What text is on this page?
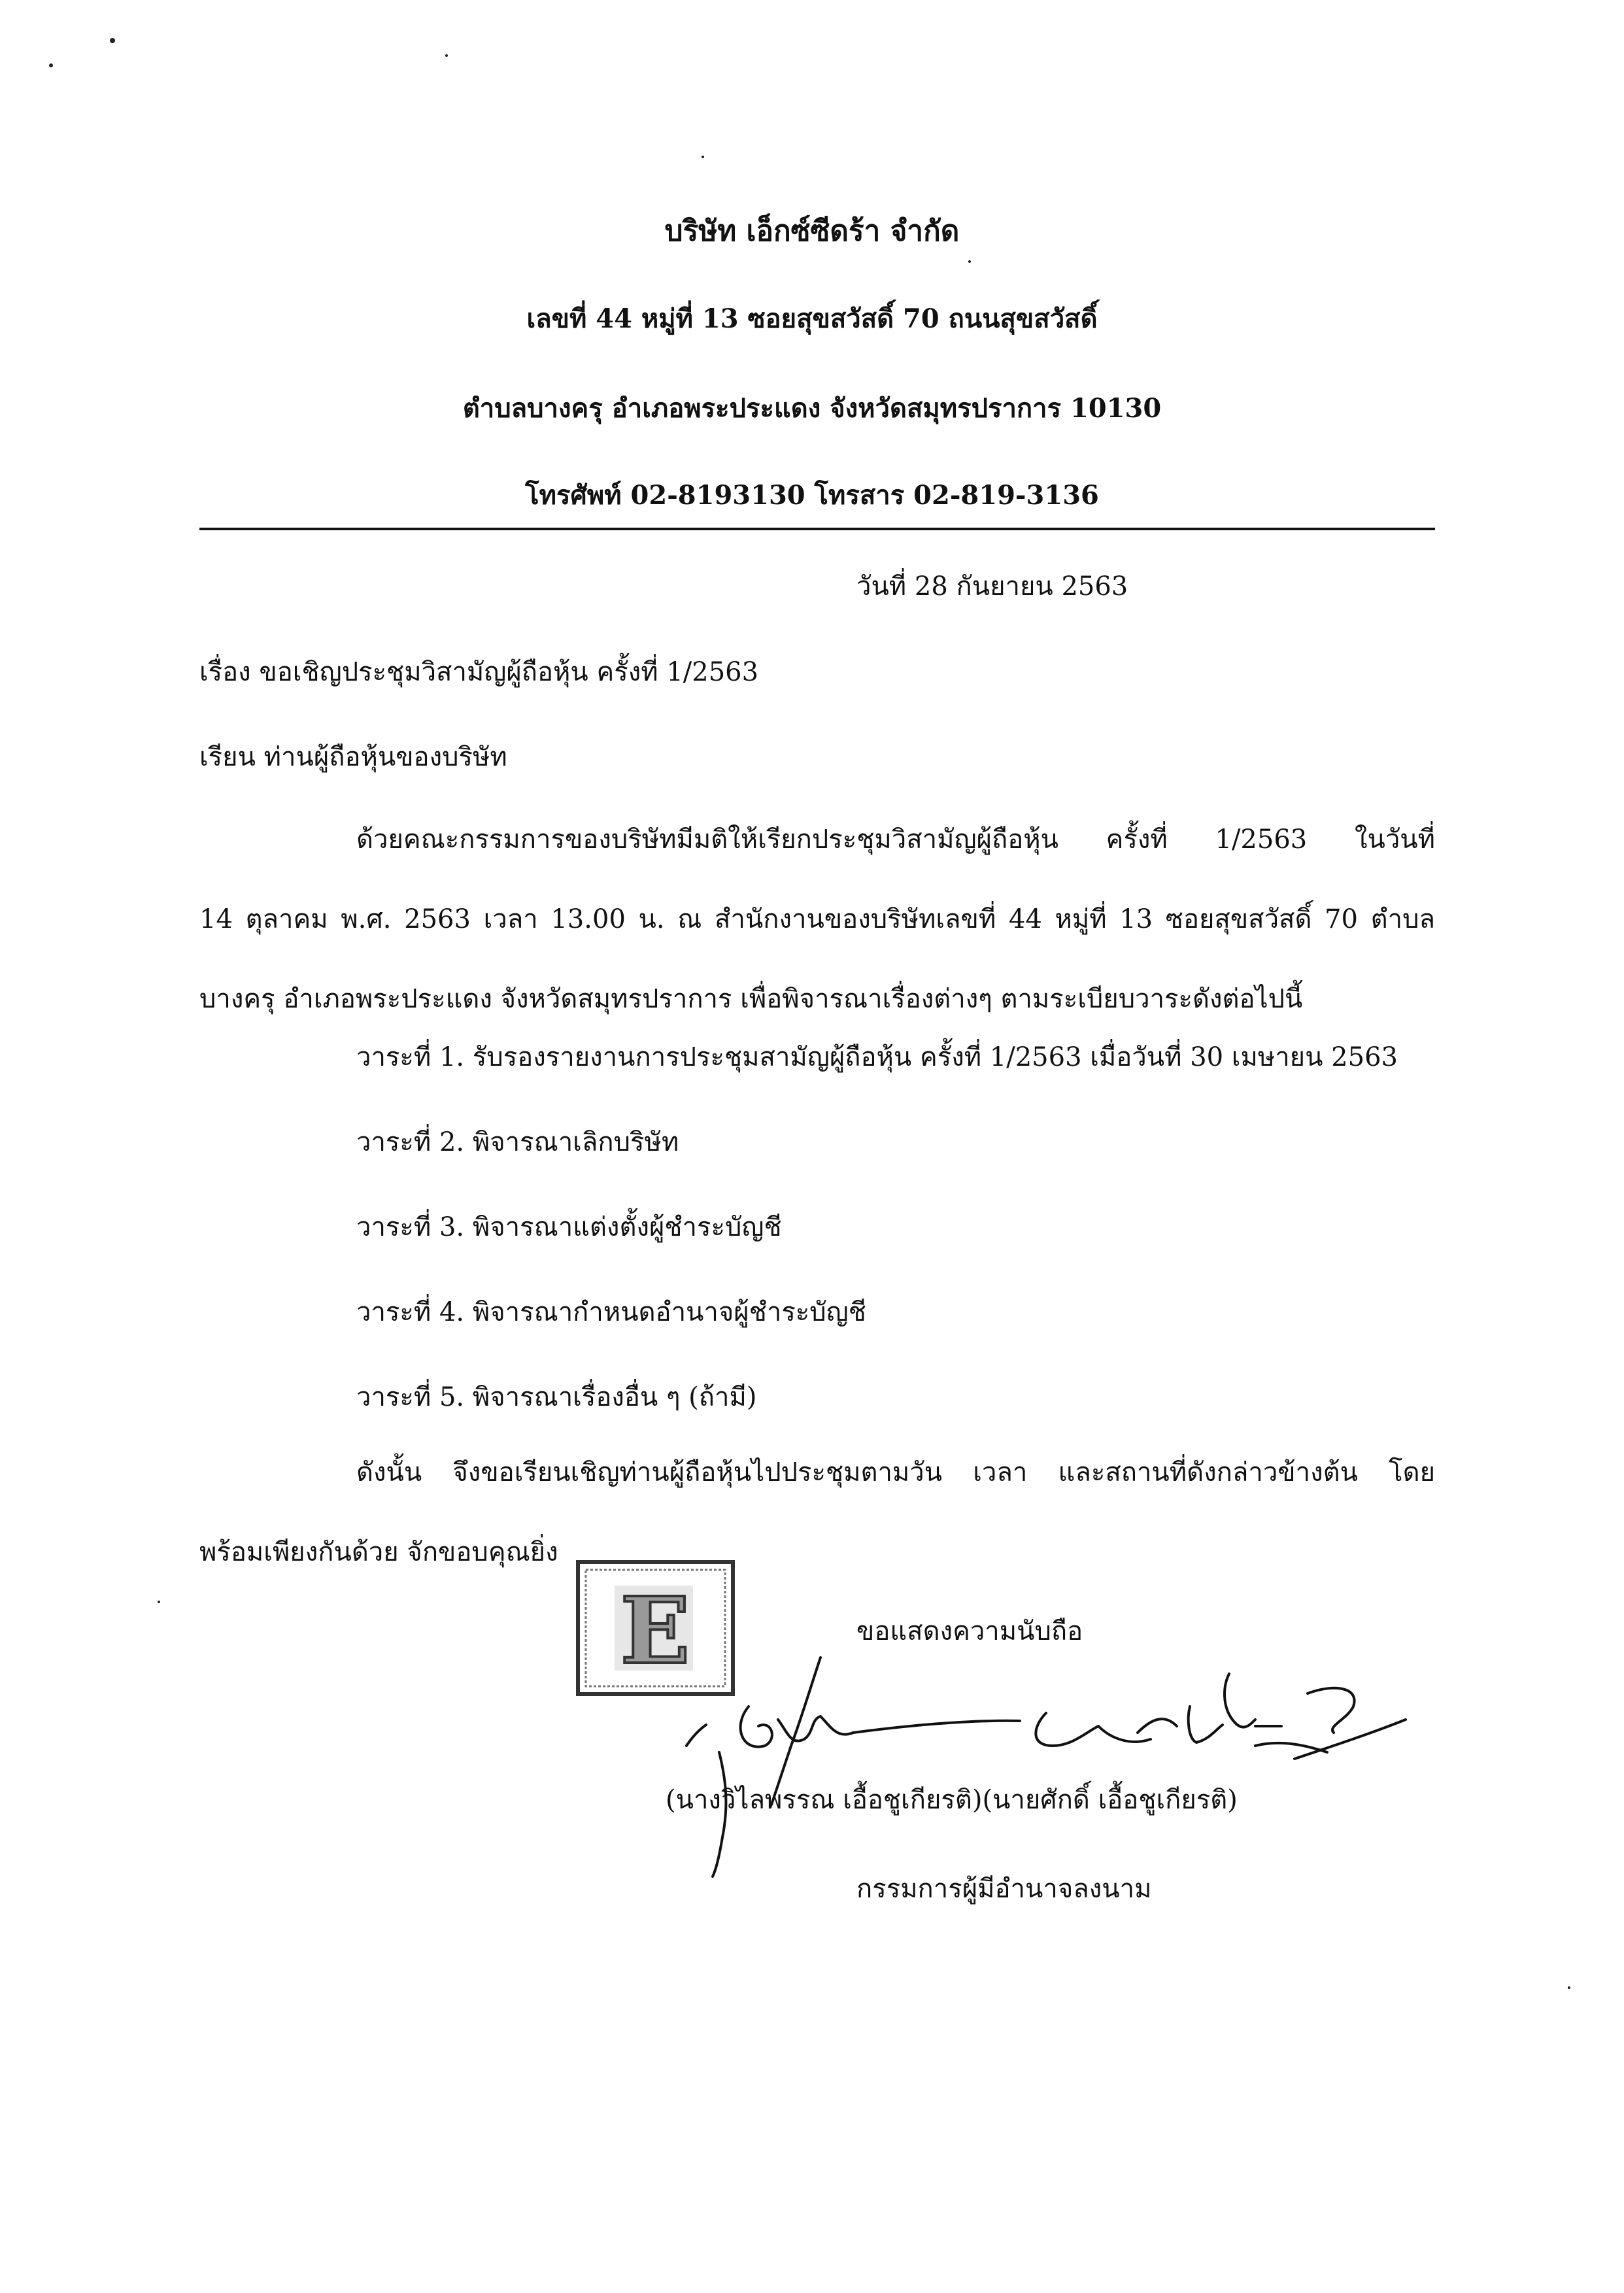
บริษัท เอ็กซ์ซีดร้า จำกัด
เลขที่ 44 หมู่ที่ 13 ซอยสุขสวัสดิ์ 70 ถนนสุขสวัสดิ์
ตำบลบางครุ อำเภอพระประแดง จังหวัดสมุทรปราการ 10130
โทรศัพท์ 02-8193130 โทรสาร 02-819-3136
วันที่ 28 กันยายน 2563
เรื่อง ขอเชิญประชุมวิสามัญผู้ถือหุ้น ครั้งที่ 1/2563
เรียน ท่านผู้ถือหุ้นของบริษัท
ด้วยคณะกรรมการของบริษัทมีมติให้เรียกประชุมวิสามัญผู้ถือหุ้น ครั้งที่ 1/2563 ในวันที่
14 ตุลาคม พ.ศ. 2563 เวลา 13.00 น. ณ สำนักงานของบริษัทเลขที่ 44 หมู่ที่ 13 ซอยสุขสวัสดิ์ 70 ตำบล
บางครุ อำเภอพระประแดง จังหวัดสมุทรปราการ เพื่อพิจารณาเรื่องต่างๆ ตามระเบียบวาระดังต่อไปนี้
วาระที่ 1. รับรองรายงานการประชุมสามัญผู้ถือหุ้น ครั้งที่ 1/2563 เมื่อวันที่ 30 เมษายน 2563
วาระที่ 2. พิจารณาเลิกบริษัท
วาระที่ 3. พิจารณาแต่งตั้งผู้ชำระบัญชี
วาระที่ 4. พิจารณากำหนดอำนาจผู้ชำระบัญชี
วาระที่ 5. พิจารณาเรื่องอื่น ๆ (ถ้ามี)
ดังนั้น จึงขอเรียนเชิญท่านผู้ถือหุ้นไปประชุมตามวัน เวลา และสถานที่ดังกล่าวข้างต้น โดย
พร้อมเพียงกันด้วย จักขอบคุณยิ่ง
E	ขอแสดงความนับถือ
(นางวิไลพรรณ เอื้อชูเกียรติ)(นายศักดิ์ เอื้อชูเกียรติ)
กรรมการผู้มีอำนาจลงนาม
